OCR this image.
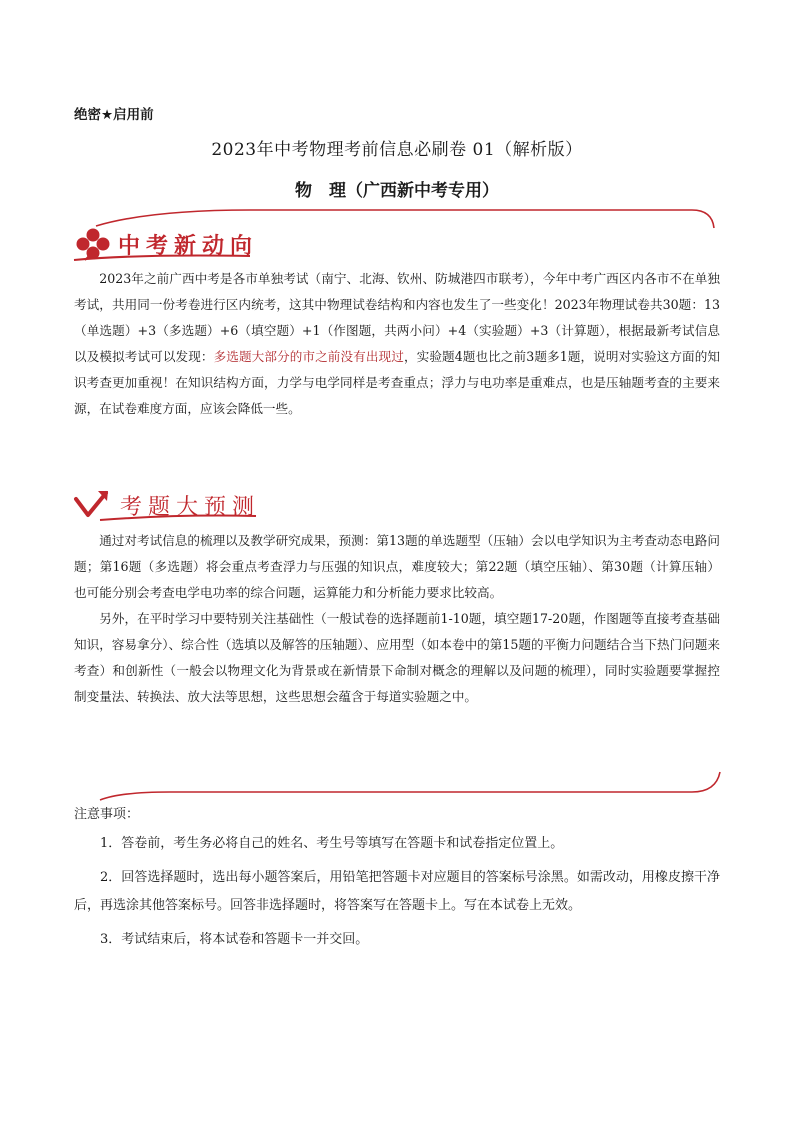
绝密★启用前
2023年中考物理考前信息必刷卷 01（解析版）
物　理（广西新中考专用）
中考新动向
2023年之前广西中考是各市单独考试（南宁、北海、钦州、防城港四市联考），今年中考广西区内各市不在单独考试，共用同一份考卷进行区内统考，这其中物理试卷结构和内容也发生了一些变化！2023年物理试卷共30题：13（单选题）+3（多选题）+6（填空题）+1（作图题，共两小问）+4（实验题）+3（计算题），根据最新考试信息以及模拟考试可以发现：多选题大部分的市之前没有出现过，实验题4题也比之前3题多1题，说明对实验这方面的知识考查更加重视！在知识结构方面，力学与电学同样是考查重点；浮力与电功率是重难点，也是压轴题考查的主要来源，在试卷难度方面，应该会降低一些。
考题大预测
通过对考试信息的梳理以及教学研究成果，预测：第13题的单选题型（压轴）会以电学知识为主考查动态电路问题；第16题（多选题）将会重点考查浮力与压强的知识点，难度较大；第22题（填空压轴）、第30题（计算压轴）也可能分别会考查电学电功率的综合问题，运算能力和分析能力要求比较高。
另外，在平时学习中要特别关注基础性（一般试卷的选择题前1-10题，填空题17-20题，作图题等直接考查基础知识，容易拿分）、综合性（选填以及解答的压轴题）、应用型（如本卷中的第15题的平衡力问题结合当下热门问题来考查）和创新性（一般会以物理文化为背景或在新情景下命制对概念的理解以及问题的梳理），同时实验题要掌握控制变量法、转换法、放大法等思想，这些思想会蕴含于每道实验题之中。
注意事项：
1．答卷前，考生务必将自己的姓名、考生号等填写在答题卡和试卷指定位置上。
2．回答选择题时，选出每小题答案后，用铅笔把答题卡对应题目的答案标号涂黑。如需改动，用橡皮擦干净后，再选涂其他答案标号。回答非选择题时，将答案写在答题卡上。写在本试卷上无效。
3．考试结束后，将本试卷和答题卡一并交回。
